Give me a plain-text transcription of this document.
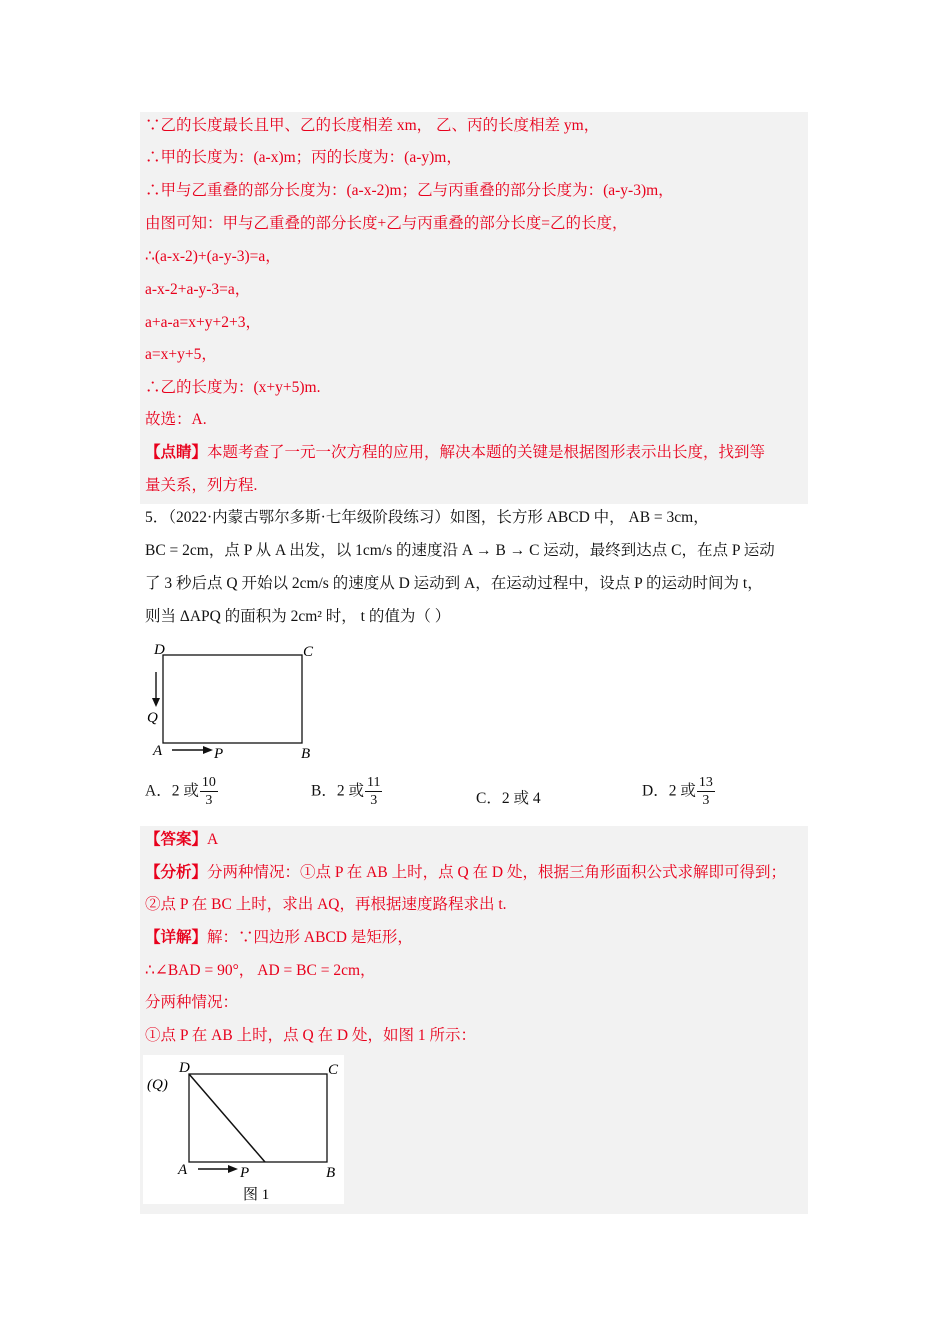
∵乙的长度最长且甲、乙的长度相差 xm， 乙、丙的长度相差 ym，
∴甲的长度为：(a-x)m；丙的长度为：(a-y)m，
∴甲与乙重叠的部分长度为：(a-x-2)m；乙与丙重叠的部分长度为：(a-y-3)m，
由图可知：甲与乙重叠的部分长度+乙与丙重叠的部分长度=乙的长度，
∴(a-x-2)+(a-y-3)=a，
a-x-2+a-y-3=a，
a+a-a=x+y+2+3，
a=x+y+5，
∴乙的长度为：(x+y+5)m.
故选：A.
【点睛】本题考查了一元一次方程的应用，解决本题的关键是根据图形表示出长度，找到等
量关系，列方程.
5．（2022·内蒙古鄂尔多斯·七年级阶段练习）如图，长方形 ABCD 中， AB = 3cm，
BC = 2cm，点 P 从 A 出发，以 1cm/s 的速度沿 A → B → C 运动，最终到达点 C，在点 P 运动
了 3 秒后点 Q 开始以 2cm/s 的速度从 D 运动到 A，在运动过程中，设点 P 的运动时间为 t，
则当 ΔAPQ 的面积为 2cm² 时， t 的值为（ ）
D	C
Q
A	P	B
A．2 或 $\frac{10}{3}$	B．2 或 $\frac{11}{3}$	C．2 或 4	D．2 或 $\frac{13}{3}$
【答案】A
【分析】分两种情况：①点 P 在 AB 上时，点 Q 在 D 处，根据三角形面积公式求解即可得到；
②点 P 在 BC 上时，求出 AQ，再根据速度路程求出 t.
【详解】解：∵四边形 ABCD 是矩形，
∴∠BAD = 90°， AD = BC = 2cm，
分两种情况：
①点 P 在 AB 上时，点 Q 在 D 处，如图 1 所示：
D
(Q)
C
A	P	B
图 1
